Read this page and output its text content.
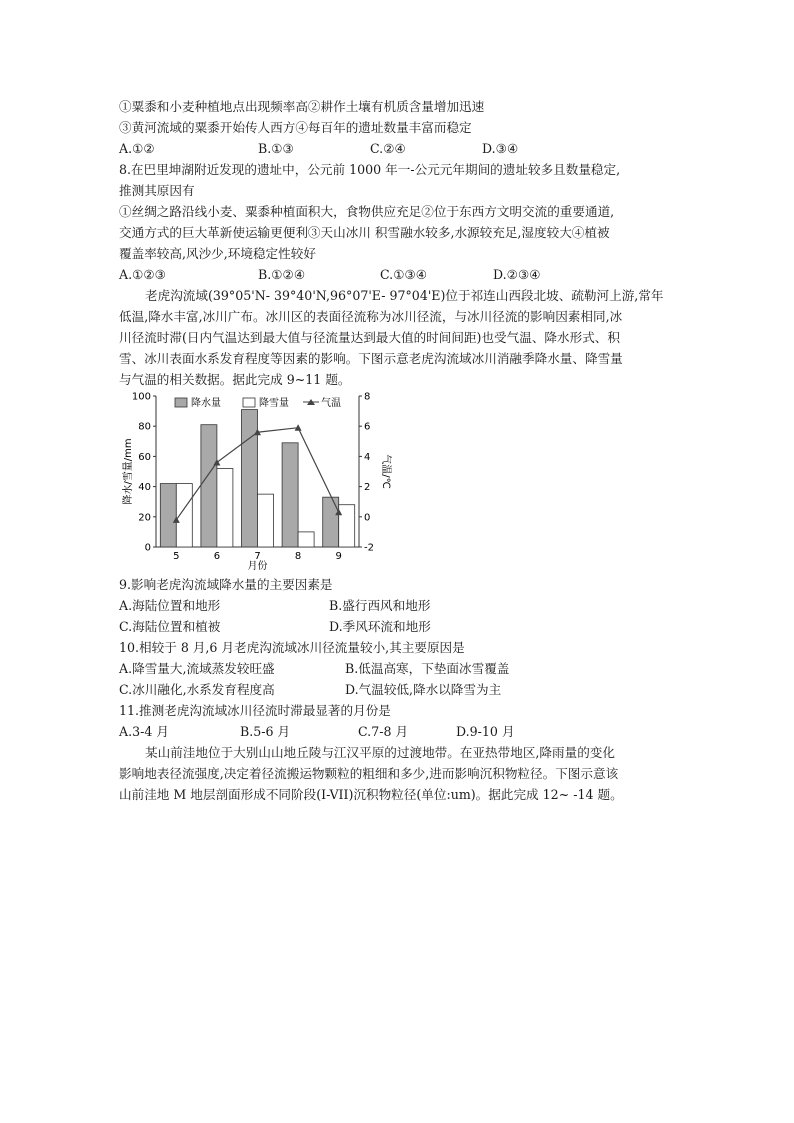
①粟黍和小麦种植地点出现频率高②耕作土壤有机质含量增加迅速
③黄河流域的粟黍开始传人西方④每百年的遗址数量丰富而稳定
A.①②	B.①③	C.②④	D.③④
8.在巴里坤湖附近发现的遗址中，公元前 1000 年一-公元元年期间的遗址较多且数量稳定,
推测其原因有
①丝绸之路沿线小麦、粟黍种植面积大，食物供应充足②位于东西方文明交流的重要通道,
交通方式的巨大革新使运输更便利③天山冰川 积雪融水较多,水源较充足,湿度较大④植被
覆盖率较高,风沙少,环境稳定性较好
A.①②③	B.①②④	C.①③④	D.②③④
老虎沟流域(39°05'N- 39°40'N,96°07'E- 97°04'E)位于祁连山西段北坡、疏勒河上游,常年
低温,降水丰富,冰川广布。冰川区的表面径流称为冰川径流，与冰川径流的影响因素相同,冰
川径流时滞(日内气温达到最大值与径流量达到最大值的时间间距)也受气温、降水形式、积
雪、冰川表面水系发育程度等因素的影响。下图示意老虎沟流域冰川消融季降水量、降雪量
与气温的相关数据。据此完成 9~11 题。
降水量	降雪量	气温
0
20
40
60
80
100
-2
0
2
4
6
8
5	6	7	8	9
月份
降水/雪量/mm	气温/℃
9.影响老虎沟流域降水量的主要因素是
A.海陆位置和地形	B.盛行西风和地形
C.海陆位置和植被	D.季风环流和地形
10.相较于 8 月,6 月老虎沟流域冰川径流量较小,其主要原因是
A.降雪量大,流域蒸发较旺盛	B.低温高寒，下垫面冰雪覆盖
C.冰川融化,水系发育程度高	D.气温较低,降水以降雪为主
11.推测老虎沟流域冰川径流时滞最显著的月份是
A.3-4 月	B.5-6 月	C.7-8 月	D.9-10 月
某山前洼地位于大别山山地丘陵与江汉平原的过渡地带。在亚热带地区,降雨量的变化
影响地表径流强度,决定着径流搬运物颗粒的粗细和多少,进而影响沉积物粒径。下图示意该
山前洼地 M 地层剖面形成不同阶段(I-VII)沉积物粒径(单位:um)。据此完成 12~ -14 题。
